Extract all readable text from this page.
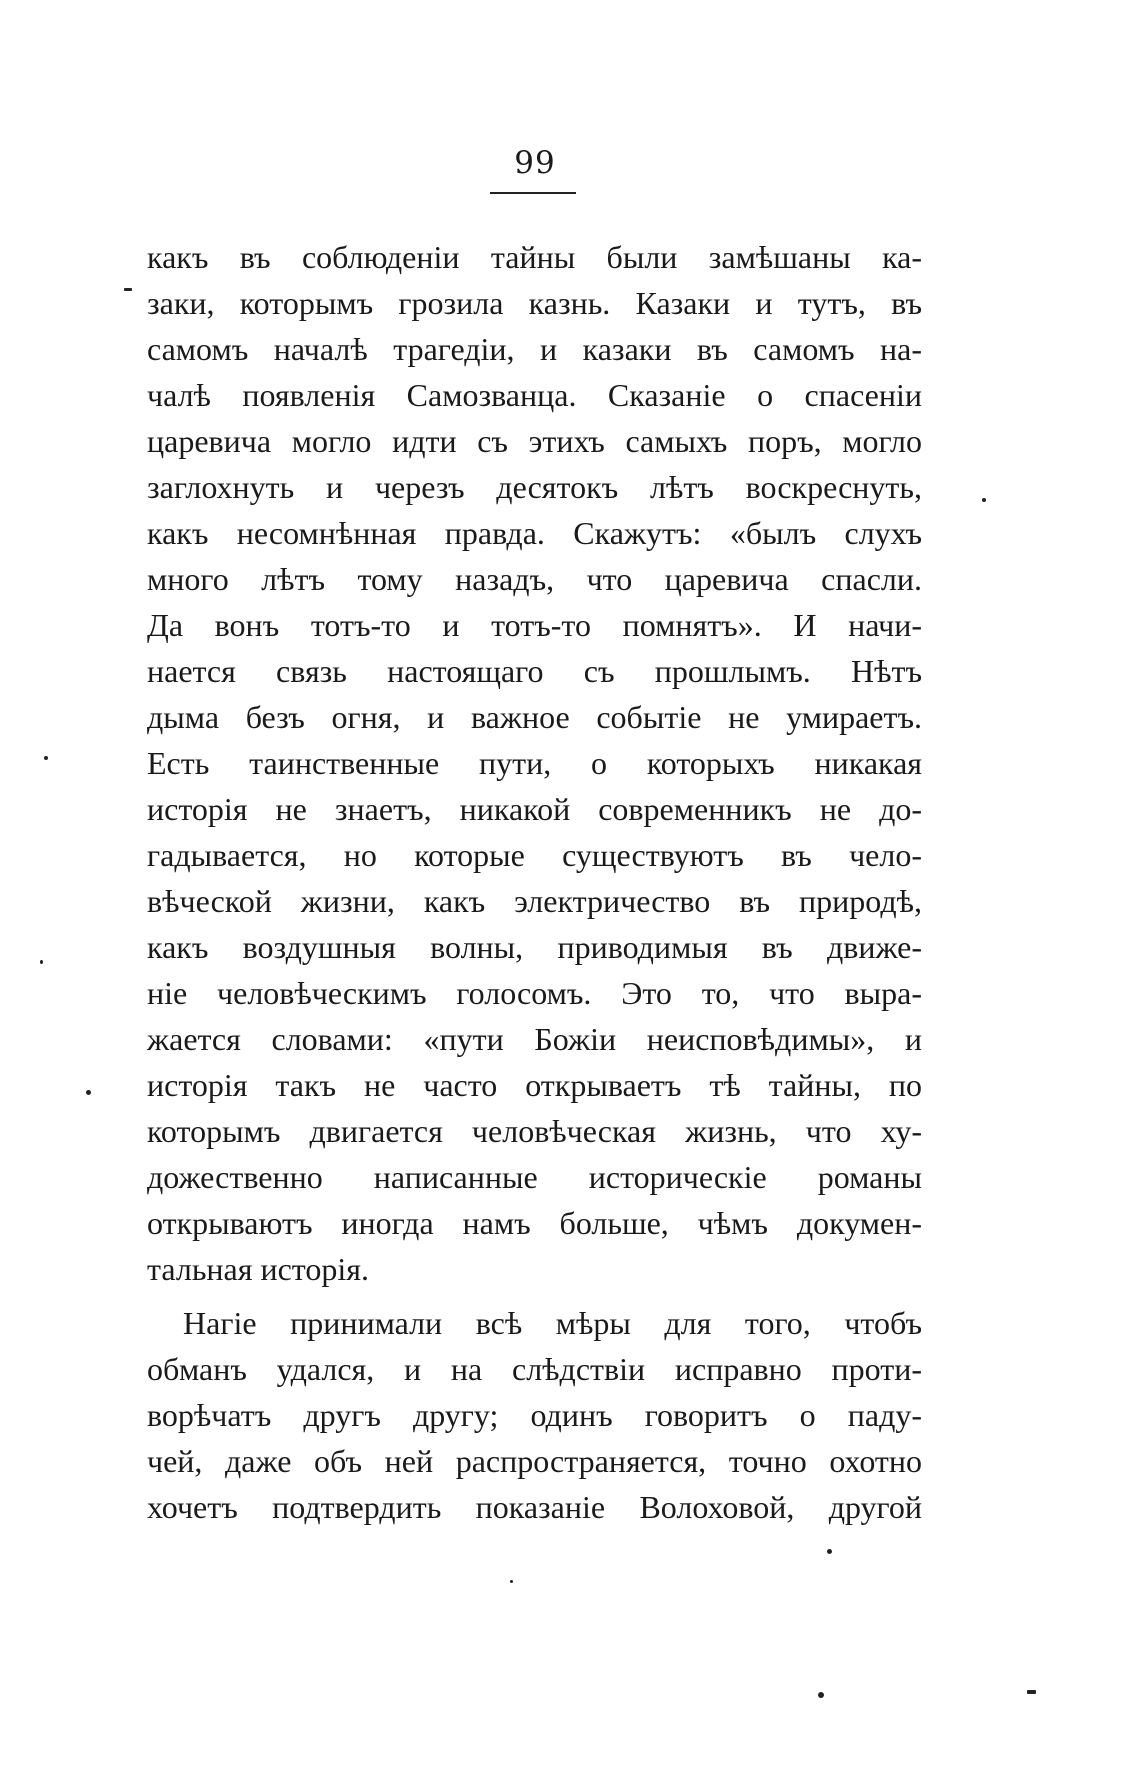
99
какъ въ соблюденіи тайны были замѣшаны ка-
заки, которымъ грозила казнь. Казаки и тутъ, въ
самомъ началѣ трагедіи, и казаки въ самомъ на-
чалѣ появленія Самозванца. Сказаніе о спасеніи
царевича могло идти съ этихъ самыхъ поръ, могло
заглохнуть и черезъ десятокъ лѣтъ воскреснуть,
какъ несомнѣнная правда. Скажутъ: «былъ слухъ
много лѣтъ тому назадъ, что царевича спасли.
Да вонъ тотъ-то и тотъ-то помнятъ». И начи-
нается связь настоящаго съ прошлымъ. Нѣтъ
дыма безъ огня, и важное событіе не умираетъ.
Есть таинственные пути, о которыхъ никакая
исторія не знаетъ, никакой современникъ не до-
гадывается, но которые существуютъ въ чело-
вѣческой жизни, какъ электричество въ природѣ,
какъ воздушныя волны, приводимыя въ движе-
ніе человѣческимъ голосомъ. Это то, что выра-
жается словами: «пути Божіи неисповѣдимы», и
исторія такъ не часто открываетъ тѣ тайны, по
которымъ двигается человѣческая жизнь, что ху-
дожественно написанные историческіе романы
открываютъ иногда намъ больше, чѣмъ докумен-
тальная исторія.
Нагіе принимали всѣ мѣры для того, чтобъ
обманъ удался, и на слѣдствіи исправно проти-
ворѣчатъ другъ другу; одинъ говоритъ о паду-
чей, даже объ ней распространяется, точно охотно
хочетъ подтвердить показаніе Волоховой, другой
